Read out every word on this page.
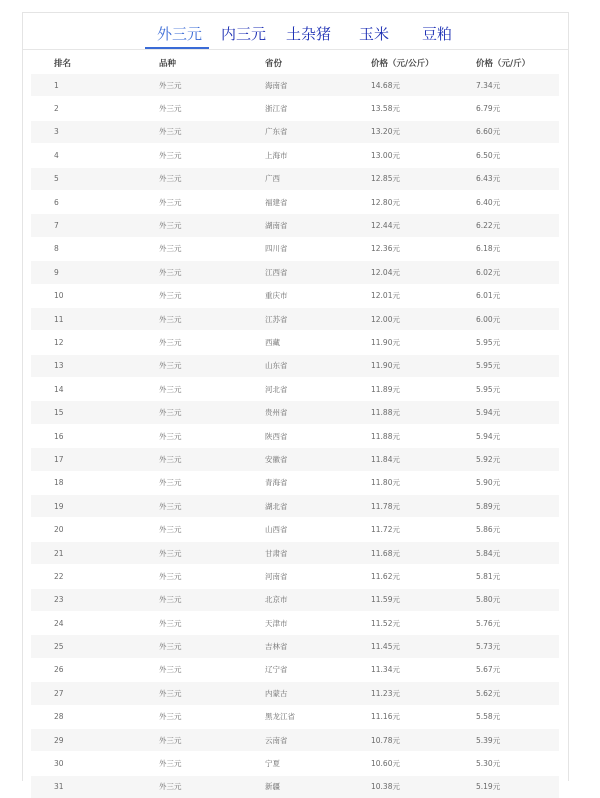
外三元 内三元 土杂猪 玉米 豆粕
排名	品种	省份	价格（元/公斤）	价格（元/斤）
1	外三元	海南省	14.68元	7.34元
2	外三元	浙江省	13.58元	6.79元
3	外三元	广东省	13.20元	6.60元
4	外三元	上海市	13.00元	6.50元
5	外三元	广西	12.85元	6.43元
6	外三元	福建省	12.80元	6.40元
7	外三元	湖南省	12.44元	6.22元
8	外三元	四川省	12.36元	6.18元
9	外三元	江西省	12.04元	6.02元
10	外三元	重庆市	12.01元	6.01元
11	外三元	江苏省	12.00元	6.00元
12	外三元	西藏	11.90元	5.95元
13	外三元	山东省	11.90元	5.95元
14	外三元	河北省	11.89元	5.95元
15	外三元	贵州省	11.88元	5.94元
16	外三元	陕西省	11.88元	5.94元
17	外三元	安徽省	11.84元	5.92元
18	外三元	青海省	11.80元	5.90元
19	外三元	湖北省	11.78元	5.89元
20	外三元	山西省	11.72元	5.86元
21	外三元	甘肃省	11.68元	5.84元
22	外三元	河南省	11.62元	5.81元
23	外三元	北京市	11.59元	5.80元
24	外三元	天津市	11.52元	5.76元
25	外三元	吉林省	11.45元	5.73元
26	外三元	辽宁省	11.34元	5.67元
27	外三元	内蒙古	11.23元	5.62元
28	外三元	黑龙江省	11.16元	5.58元
29	外三元	云南省	10.78元	5.39元
30	外三元	宁夏	10.60元	5.30元
31	外三元	新疆	10.38元	5.19元
